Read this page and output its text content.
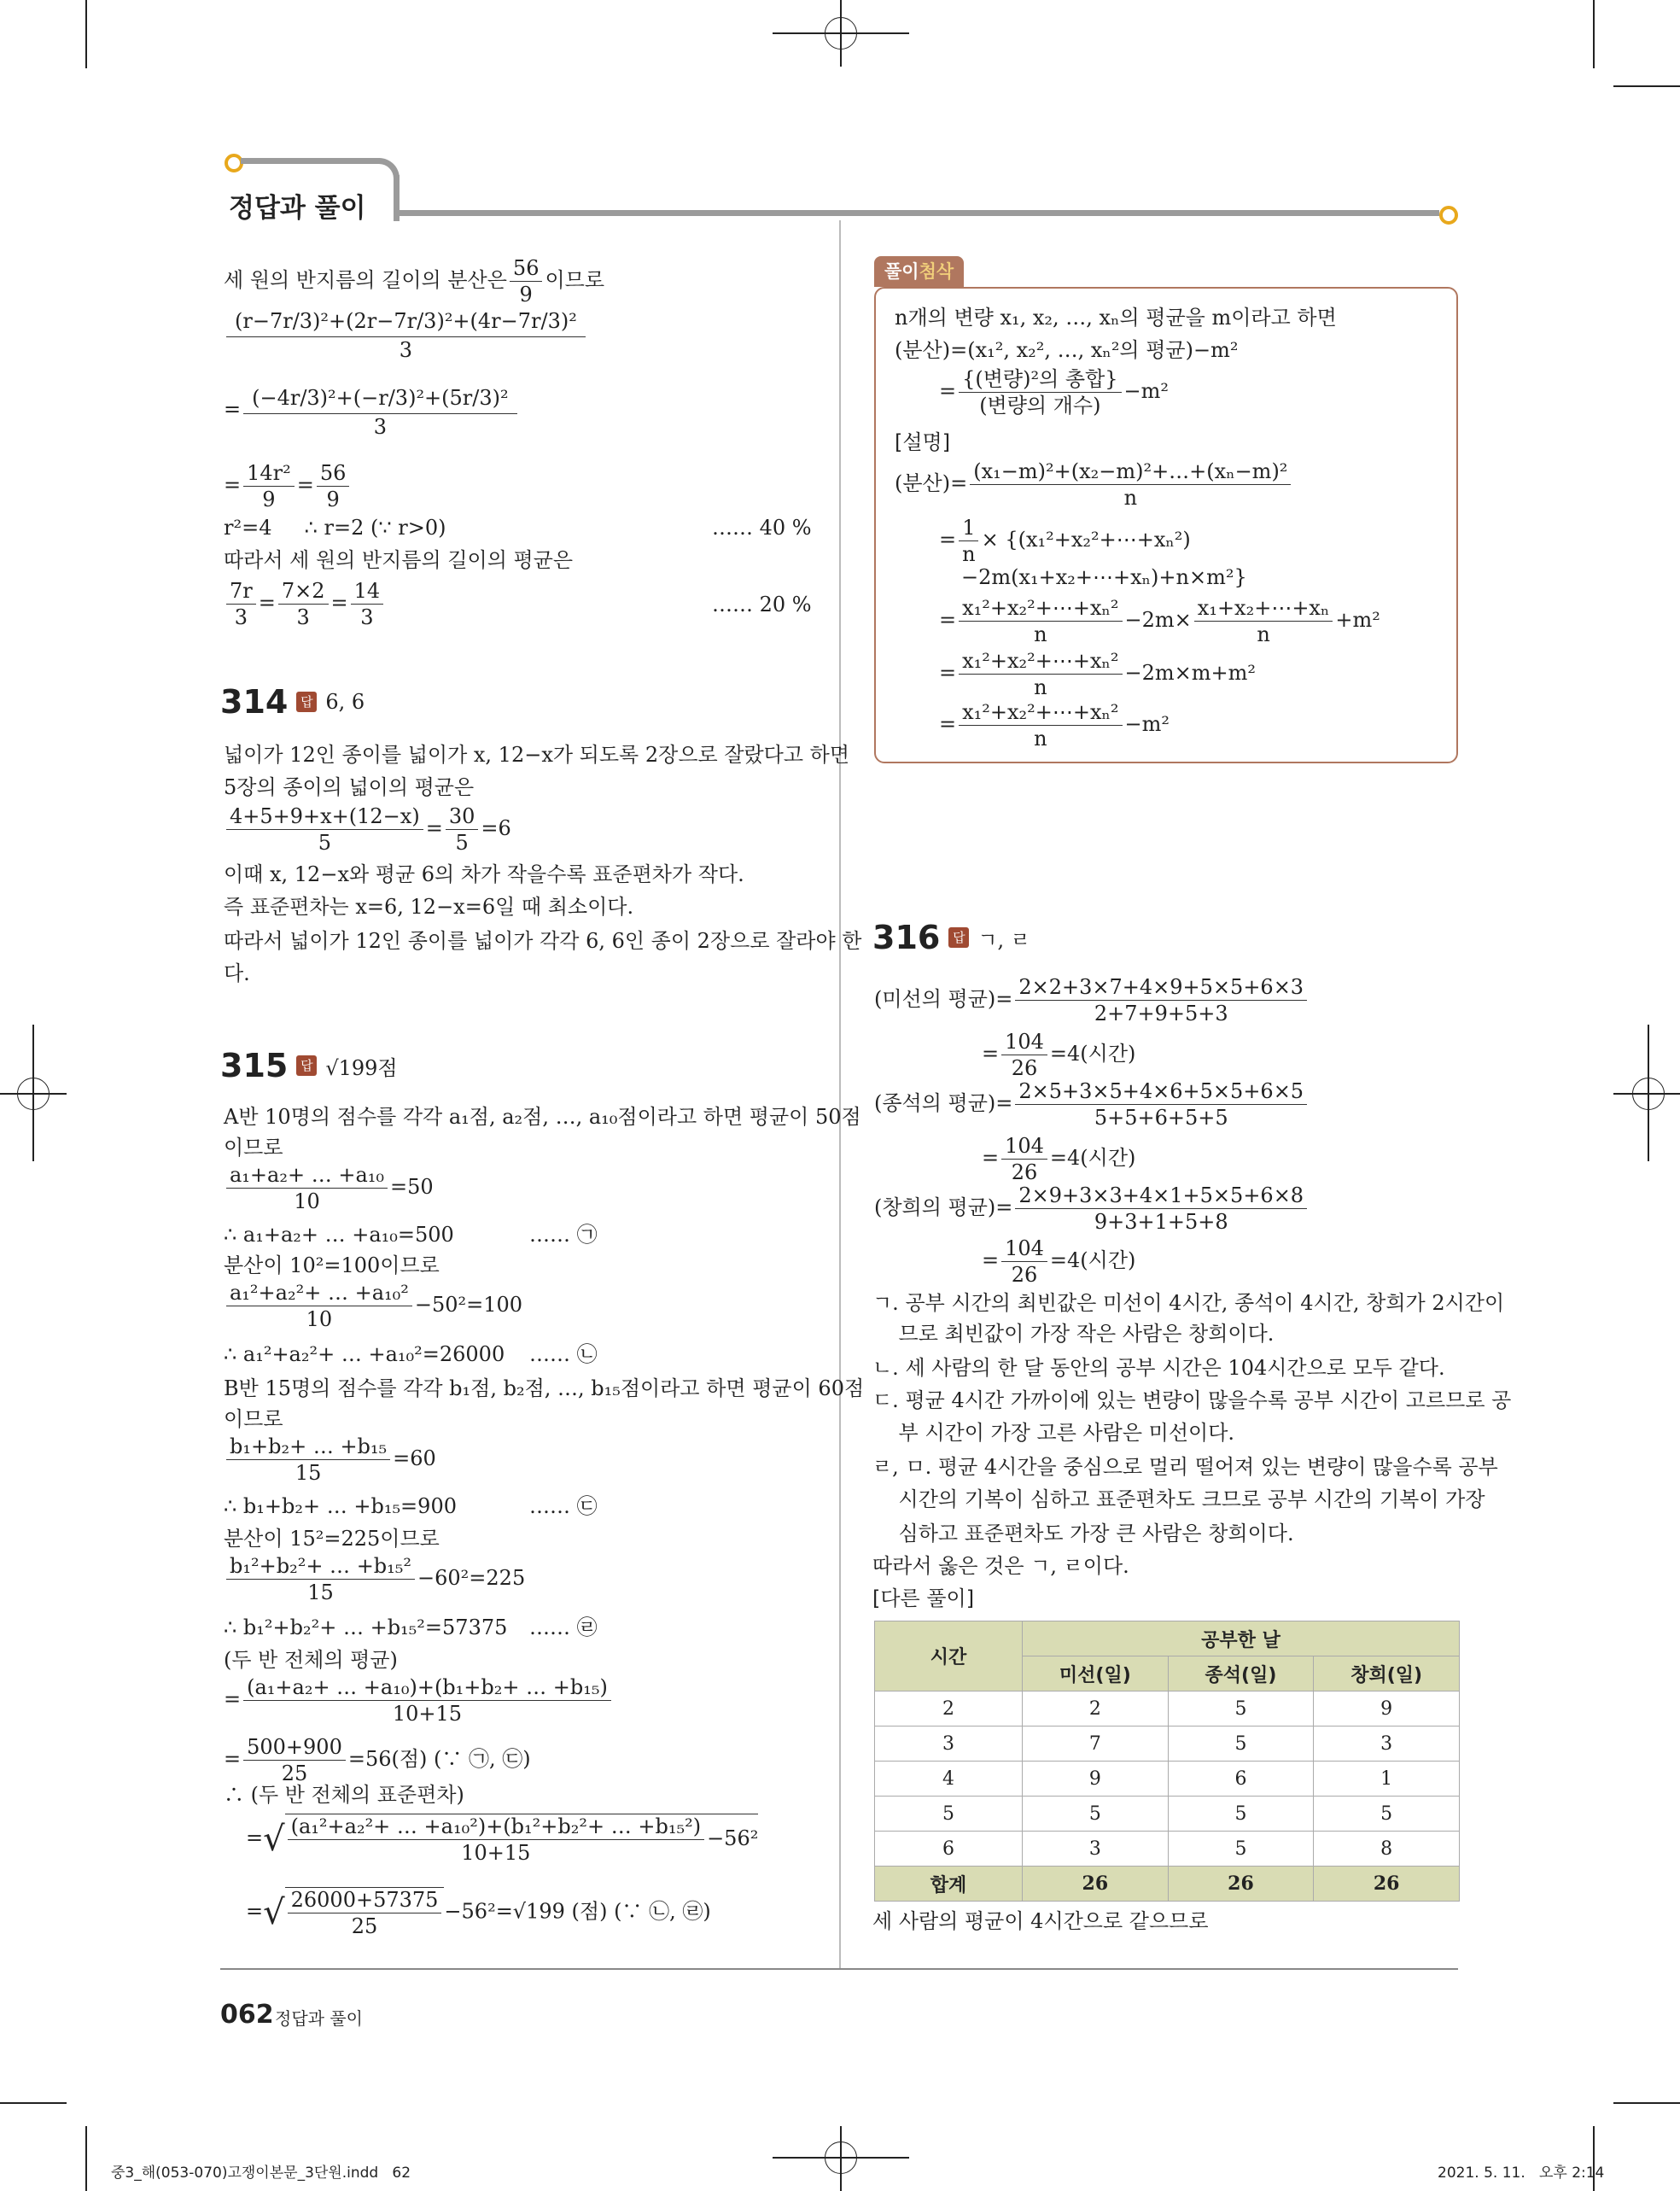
정답과 풀이
세 원의 반지름의 길이의 분산은 $\frac{56}{9}$ 이므로
$\frac{\text{(r−7r/3)²+(2r−7r/3)²+(4r−7r/3)²}}{3}$
= $\frac{\text{(−4r/3)²+(−r/3)²+(5r/3)²}}{3}$
= $\frac{\text{14r²}}{9} = \frac{56}{9}$
r²=4     ∴ r=2 (∵ r>0)	…… 40 %
따라서 세 원의 반지름의 길이의 평균은
$\frac{7r}{3} = \frac{7\times 2}{3} = \frac{14}{3}$	…… 20 %
314 답 6, 6
넓이가 12인 종이를 넓이가 x, 12−x가 되도록 2장으로 잘랐다고 하면
5장의 종이의 넓이의 평균은
$\frac{4+5+9+x+(12-x)}{5} = \frac{30}{5} =6$
이때 x, 12−x와 평균 6의 차가 작을수록 표준편차가 작다.
즉 표준편차는 x=6, 12−x=6일 때 최소이다.
따라서 넓이가 12인 종이를 넓이가 각각 6, 6인 종이 2장으로 잘라야 한
다.
315 답 √199점
A반 10명의 점수를 각각 a₁점, a₂점, …, a₁₀점이라고 하면 평균이 50점
이므로
$\frac{\text{a₁+a₂+ … +a₁₀}}{10} =50$
∴ a₁+a₂+ … +a₁₀=500	…… ㉠
분산이 10²=100이므로
$\frac{\text{a₁²+a₂²+ … +a₁₀²}}{10} -50^2=100$
∴ a₁²+a₂²+ … +a₁₀²=26000 …… ㉡
B반 15명의 점수를 각각 b₁점, b₂점, …, b₁₅점이라고 하면 평균이 60점
이므로
$\frac{\text{b₁+b₂+ … +b₁₅}}{15} =60$
∴ b₁+b₂+ … +b₁₅=900	…… ㉢
분산이 15²=225이므로
$\frac{\text{b₁²+b₂²+ … +b₁₅²}}{15} -60^2=225$
∴ b₁²+b₂²+ … +b₁₅²=57375 …… ㉣
(두 반 전체의 평균)
= $\frac{\text{(a₁+a₂+ … +a₁₀)+(b₁+b₂+ … +b₁₅)}}{10+15}$
= $\frac{500+900}{25} =56$(점) (∵ ㉠, ㉢)
∴ (두 반 전체의 표준편차)
=√ $\frac{\text{(a₁²+a₂²+ … +a₁₀²)+(b₁²+b₂²+ … +b₁₅²)}}{10+15} -56^2$
=√ $\frac{26000+57375}{25} -56^2=√199$ (점) (∵ ㉡, ㉣)
062 정답과 풀이
풀이첨삭
n개의 변량 x₁, x₂, …, xₙ의 평균을 m이라고 하면
(분산)=(x₁², x₂², …, xₙ²의 평균)−m²
= $\frac{\text{\{(변량)²의 총합\}}}{\text{(변량의 개수)}} -m^2$
[설명]
(분산)= $\frac{\text{(x₁−m)²+(x₂−m)²+…+(xₙ−m)²}}{n}$
= $\frac{1}{n}$ × {(x₁²+x₂²+⋯+xₙ²)
−2m(x₁+x₂+⋯+xₙ)+n×m²}
= $\frac{\text{x₁²+x₂²+⋯+xₙ²}}{n} -2m\times \frac{\text{x₁+x₂+⋯+xₙ}}{n} +m^2$
= $\frac{\text{x₁²+x₂²+⋯+xₙ²}}{n} -2m\times m+m^2$
= $\frac{\text{x₁²+x₂²+⋯+xₙ²}}{n} -m^2$
316 답 ㄱ, ㄹ
(미선의 평균)= $\frac{2\times 2+3\times 7+4\times 9+5\times 5+6\times 3}{2+7+9+5+3}$
= $\frac{104}{26} =4$(시간)
(종석의 평균)= $\frac{2\times 5+3\times 5+4\times 6+5\times 5+6\times 5}{5+5+6+5+5}$
= $\frac{104}{26} =4$(시간)
(창희의 평균)= $\frac{2\times 9+3\times 3+4\times 1+5\times 5+6\times 8}{9+3+1+5+8}$
= $\frac{104}{26} =4$(시간)
ㄱ. 공부 시간의 최빈값은 미선이 4시간, 종석이 4시간, 창희가 2시간이
므로 최빈값이 가장 작은 사람은 창희이다.
ㄴ. 세 사람의 한 달 동안의 공부 시간은 104시간으로 모두 같다.
ㄷ. 평균 4시간 가까이에 있는 변량이 많을수록 공부 시간이 고르므로 공
부 시간이 가장 고른 사람은 미선이다.
ㄹ, ㅁ. 평균 4시간을 중심으로 멀리 떨어져 있는 변량이 많을수록 공부
시간의 기복이 심하고 표준편차도 크므로 공부 시간의 기복이 가장
심하고 표준편차도 가장 큰 사람은 창희이다.
따라서 옳은 것은 ㄱ, ㄹ이다.
[다른 풀이]
시간	공부한 날		
	미선(일)	종석(일)	창희(일)
2	2	5	9
3	7	5	3
4	9	6	1
5	5	5	5
6	3	5	8
합계	26	26	26
세 사람의 평균이 4시간으로 같으므로
중3_해(053-070)고쟁이본문_3단원.indd   62	2021. 5. 11.   오후 2:14
